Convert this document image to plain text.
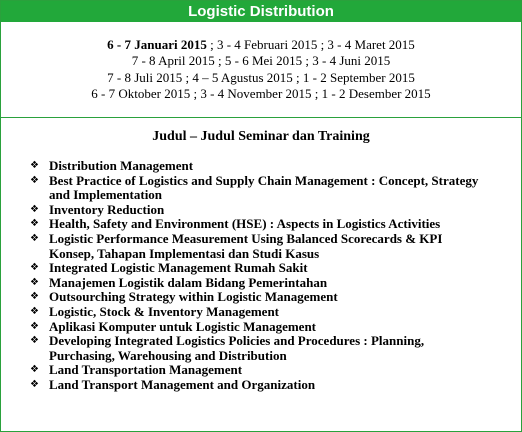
Logistic Distribution
6 - 7 Januari 2015 ; 3 - 4 Februari 2015 ; 3 - 4 Maret 2015
7 - 8 April 2015 ; 5 - 6 Mei 2015 ; 3 - 4 Juni 2015
7 - 8 Juli 2015 ; 4 – 5 Agustus 2015 ; 1 - 2 September 2015
6 - 7 Oktober 2015 ; 3 - 4 November 2015 ; 1 - 2 Desember 2015
Judul – Judul Seminar dan Training
❖ Distribution Management
❖ Best Practice of Logistics and Supply Chain Management : Concept, Strategy and Implementation
❖ Inventory Reduction
❖ Health, Safety and Environment (HSE) : Aspects in Logistics Activities
❖ Logistic Performance Measurement Using Balanced Scorecards & KPI Konsep, Tahapan Implementasi dan Studi Kasus
❖ Integrated Logistic Management Rumah Sakit
❖ Manajemen Logistik dalam Bidang Pemerintahan
❖ Outsourching Strategy within Logistic Management
❖ Logistic, Stock & Inventory Management
❖ Aplikasi Komputer untuk Logistic Management
❖ Developing Integrated Logistics Policies and Procedures : Planning, Purchasing, Warehousing and Distribution
❖ Land Transportation Management
❖ Land Transport Management and Organization
